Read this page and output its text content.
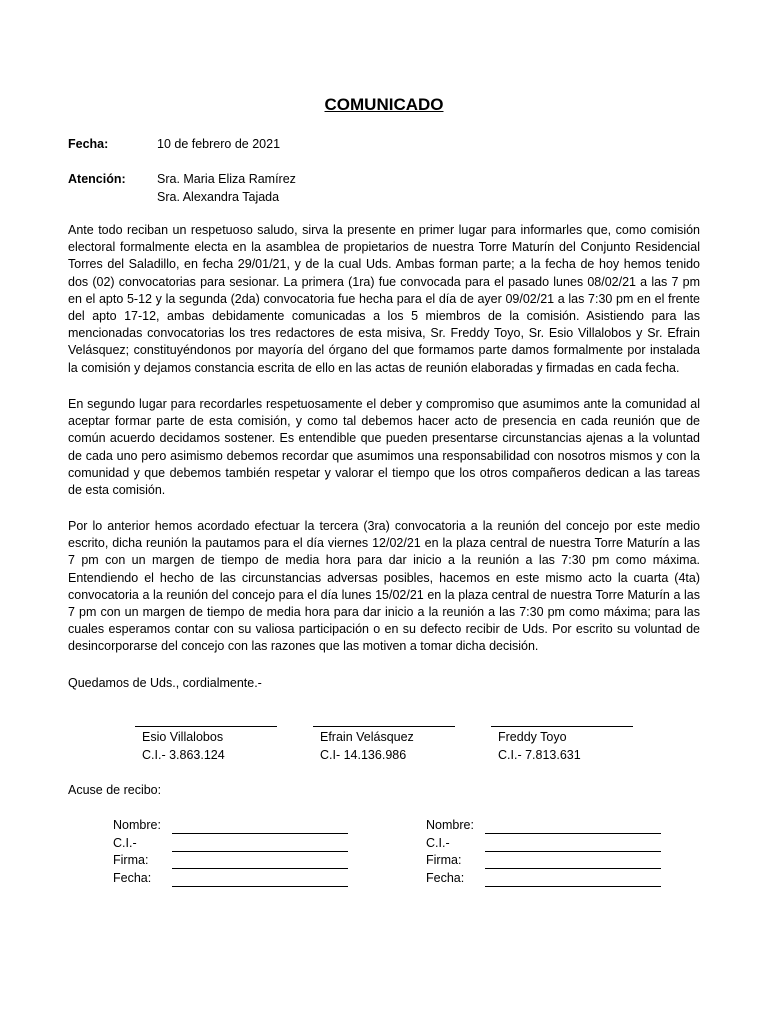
COMUNICADO
Fecha:	10 de febrero de 2021
Atención:	Sra. Maria Eliza Ramírez
Sra. Alexandra Tajada
Ante todo reciban un respetuoso saludo, sirva la presente en primer lugar para informarles que, como comisión electoral formalmente electa en la asamblea de propietarios de nuestra Torre Maturín del Conjunto Residencial Torres del Saladillo, en fecha 29/01/21, y de la cual Uds. Ambas forman parte; a la fecha de hoy hemos tenido dos (02) convocatorias para sesionar. La primera (1ra) fue convocada para el pasado lunes 08/02/21 a las 7 pm en el apto 5-12 y la segunda (2da) convocatoria fue hecha para el día de ayer 09/02/21 a las 7:30 pm en el frente del apto 17-12, ambas debidamente comunicadas a los 5 miembros de la comisión. Asistiendo para las mencionadas convocatorias los tres redactores de esta misiva, Sr. Freddy Toyo, Sr. Esio Villalobos y Sr. Efrain Velásquez; constituyéndonos por mayoría del órgano del que formamos parte damos formalmente por instalada la comisión y dejamos constancia escrita de ello en las actas de reunión elaboradas y firmadas en cada fecha.
En segundo lugar para recordarles respetuosamente el deber y compromiso que asumimos ante la comunidad al aceptar formar parte de esta comisión, y como tal debemos hacer acto de presencia en cada reunión que de común acuerdo decidamos sostener. Es entendible que pueden presentarse circunstancias ajenas a la voluntad de cada uno pero asimismo debemos recordar que asumimos una responsabilidad con nosotros mismos y con la comunidad y que debemos también respetar y valorar el tiempo que los otros compañeros dedican a las tareas de esta comisión.
Por lo anterior hemos acordado efectuar la tercera (3ra) convocatoria a la reunión del concejo por este medio escrito, dicha reunión la pautamos para el día viernes 12/02/21 en la plaza central de nuestra Torre Maturín a las 7 pm con un margen de tiempo de media hora para dar inicio a la reunión a las 7:30 pm como máxima. Entendiendo el hecho de las circunstancias adversas posibles, hacemos en este mismo acto la cuarta (4ta) convocatoria a la reunión del concejo para el día lunes 15/02/21 en la plaza central de nuestra Torre Maturín a las 7 pm con un margen de tiempo de media hora para dar inicio a la reunión a las 7:30 pm como máxima; para las cuales esperamos contar con su valiosa participación o en su defecto recibir de Uds. Por escrito su voluntad de desincorporarse del concejo con las razones que las motiven a tomar dicha decisión.
Quedamos de Uds., cordialmente.-
Esio Villalobos
C.I.- 3.863.124
Efrain Velásquez
C.I- 14.136.986
Freddy Toyo
C.I.- 7.813.631
Acuse de recibo:
Nombre:
C.I.-
Firma:
Fecha:
Nombre:
C.I.-
Firma:
Fecha:
